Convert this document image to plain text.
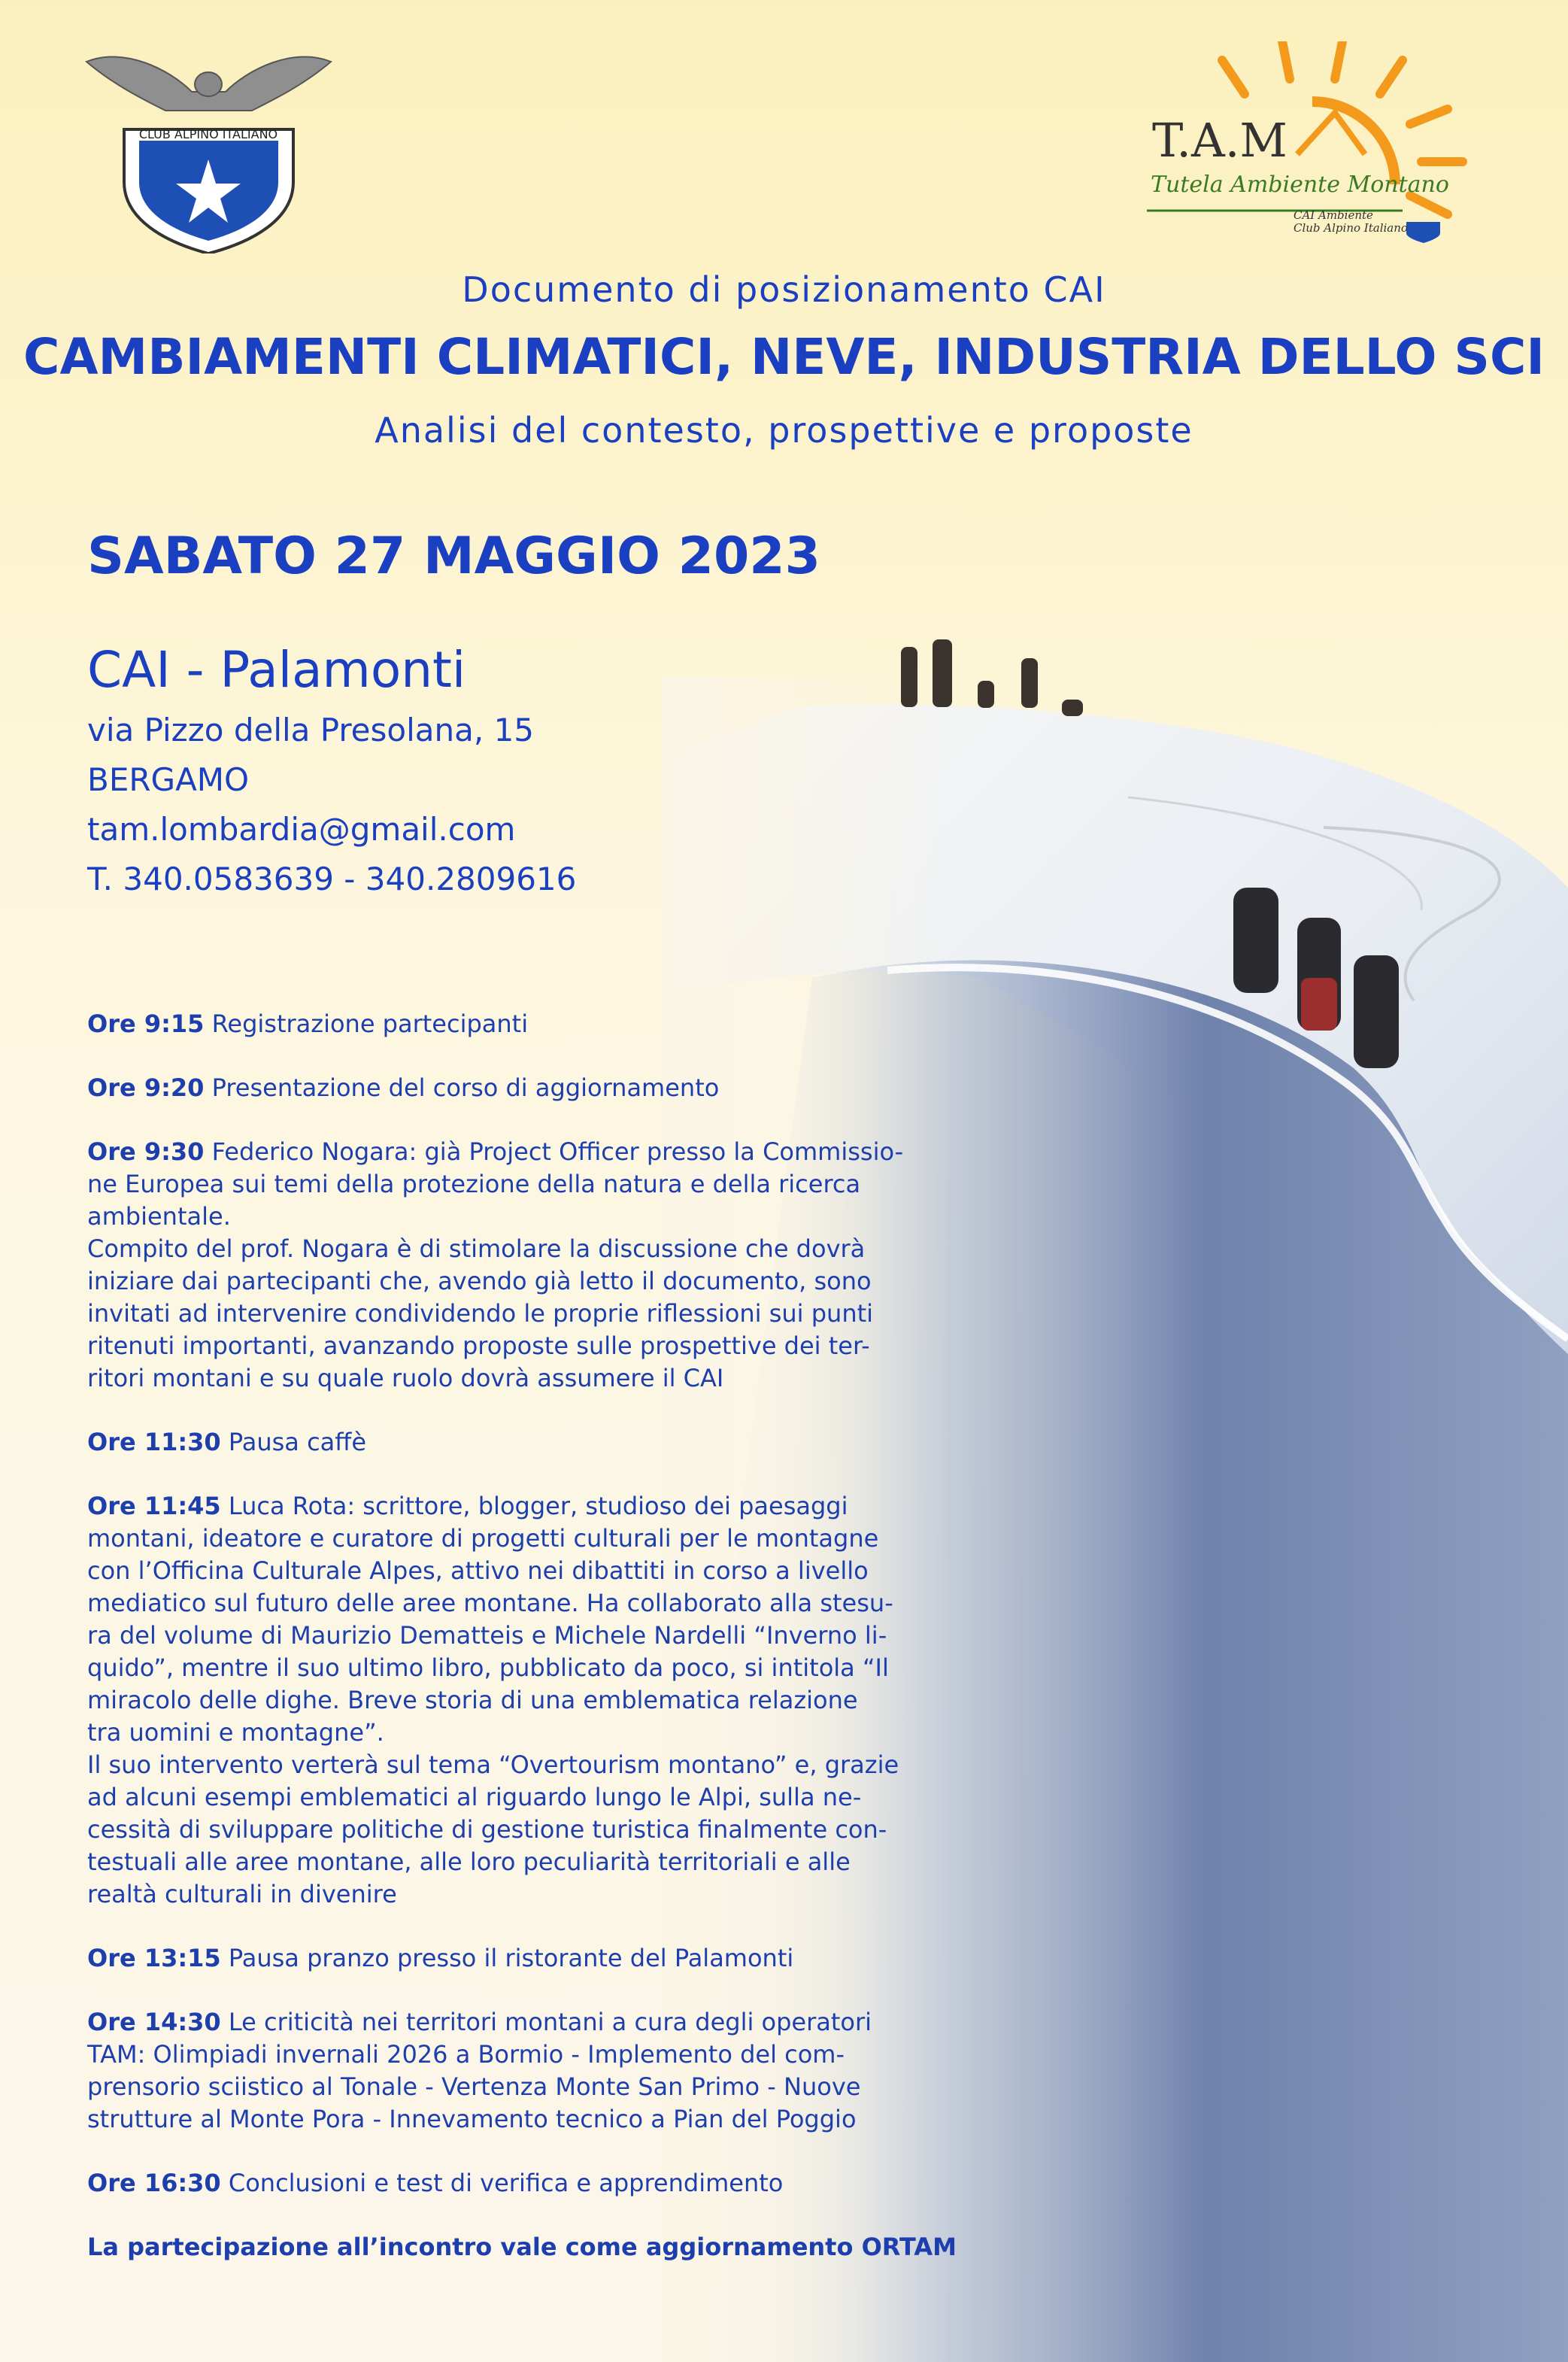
CLUB ALPINO ITALIANO	T.A.M
Tutela Ambiente Montano
CAI Ambiente
Club Alpino Italiano
Documento di posizionamento CAI
CAMBIAMENTI CLIMATICI, NEVE, INDUSTRIA DELLO SCI
Analisi del contesto, prospettive e proposte
SABATO 27 MAGGIO 2023
CAI - Palamonti
via Pizzo della Presolana, 15
BERGAMO
tam.lombardia@gmail.com
T. 340.0583639 - 340.2809616

Ore 9:15 Registrazione partecipanti

Ore 9:20 Presentazione del corso di aggiornamento

Ore 9:30 Federico Nogara: già Project Officer presso la Commissio-
ne Europea sui temi della protezione della natura e della ricerca
ambientale.
Compito del prof. Nogara è di stimolare la discussione che dovrà
iniziare dai partecipanti che, avendo già letto il documento, sono
invitati ad intervenire condividendo le proprie riflessioni sui punti
ritenuti importanti, avanzando proposte sulle prospettive dei ter-
ritori montani e su quale ruolo dovrà assumere il CAI

Ore 11:30 Pausa caffè

Ore 11:45 Luca Rota: scrittore, blogger, studioso dei paesaggi
montani, ideatore e curatore di progetti culturali per le montagne
con l’Officina Culturale Alpes, attivo nei dibattiti in corso a livello
mediatico sul futuro delle aree montane. Ha collaborato alla stesu-
ra del volume di Maurizio Dematteis e Michele Nardelli “Inverno li-
quido”, mentre il suo ultimo libro, pubblicato da poco, si intitola “Il
miracolo delle dighe. Breve storia di una emblematica relazione
tra uomini e montagne”.
Il suo intervento verterà sul tema “Overtourism montano” e, grazie
ad alcuni esempi emblematici al riguardo lungo le Alpi, sulla ne-
cessità di sviluppare politiche di gestione turistica finalmente con-
testuali alle aree montane, alle loro peculiarità territoriali e alle
realtà culturali in divenire

Ore 13:15 Pausa pranzo presso il ristorante del Palamonti

Ore 14:30 Le criticità nei territori montani a cura degli operatori
TAM: Olimpiadi invernali 2026 a Bormio - Implemento del com-
prensorio sciistico al Tonale - Vertenza Monte San Primo - Nuove
strutture al Monte Pora - Innevamento tecnico a Pian del Poggio

Ore 16:30 Conclusioni e test di verifica e apprendimento

La partecipazione all’incontro vale come aggiornamento ORTAM
